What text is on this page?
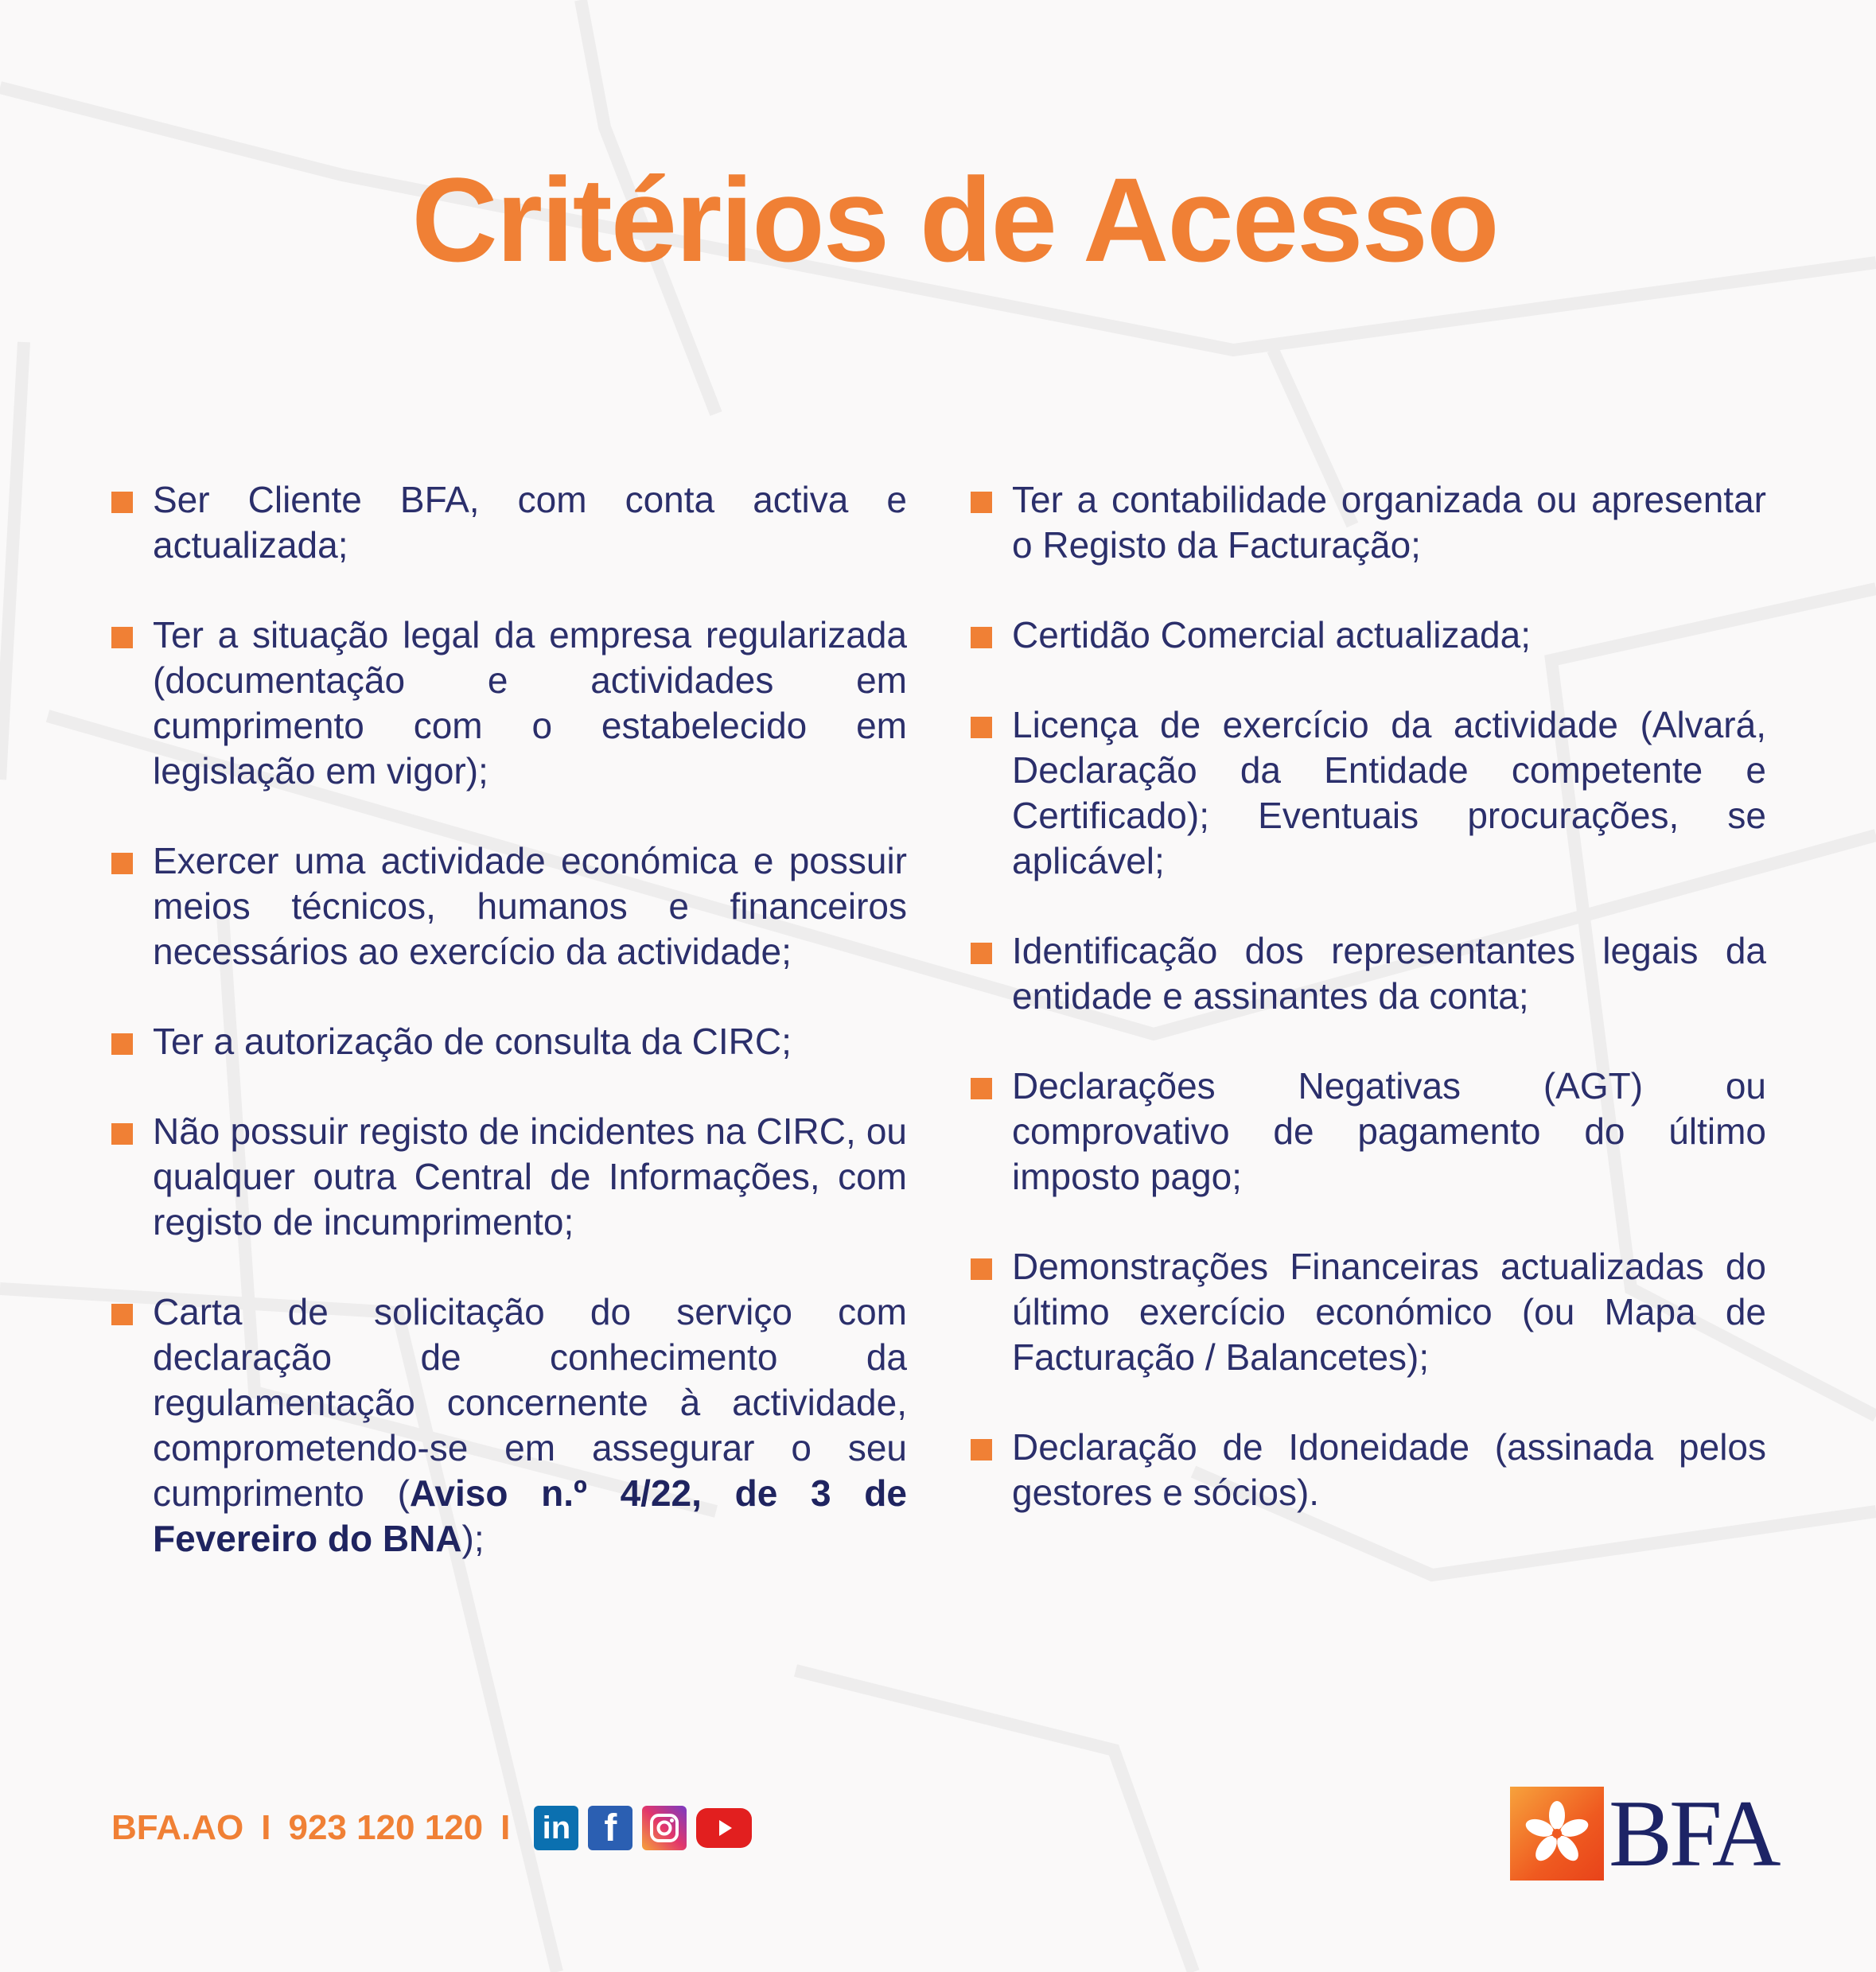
Critérios de Acesso

Ser Cliente BFA, com conta activa e actualizada;

Ter a situação legal da empresa regularizada (documentação e actividades em cumprimento com o estabelecido em legislação em vigor);

Exercer uma actividade económica e possuir meios técnicos, humanos e financeiros necessários ao exercício da actividade;

Ter a autorização de consulta da CIRC;

Não possuir registo de incidentes na CIRC, ou qualquer outra Central de Informações, com registo de incumprimento;

Carta de solicitação do serviço com declaração de conhecimento da regulamentação concernente à actividade, comprometendo-se em assegurar o seu cumprimento (Aviso n.º 4/22, de 3 de Fevereiro do BNA);

Ter a contabilidade organizada ou apresentar o Registo da Facturação;

Certidão Comercial actualizada;

Licença de exercício da actividade (Alvará, Declaração da Entidade competente e Certificado); Eventuais procurações, se aplicável;

Identificação dos representantes legais da entidade e assinantes da conta;

Declarações Negativas (AGT) ou comprovativo de pagamento do último imposto pago;

Demonstrações Financeiras actualizadas do último exercício económico (ou Mapa de Facturação / Balancetes);

Declaração de Idoneidade (assinada pelos gestores e sócios).

BFA.AO I 923 120 120 I in f	BFA
